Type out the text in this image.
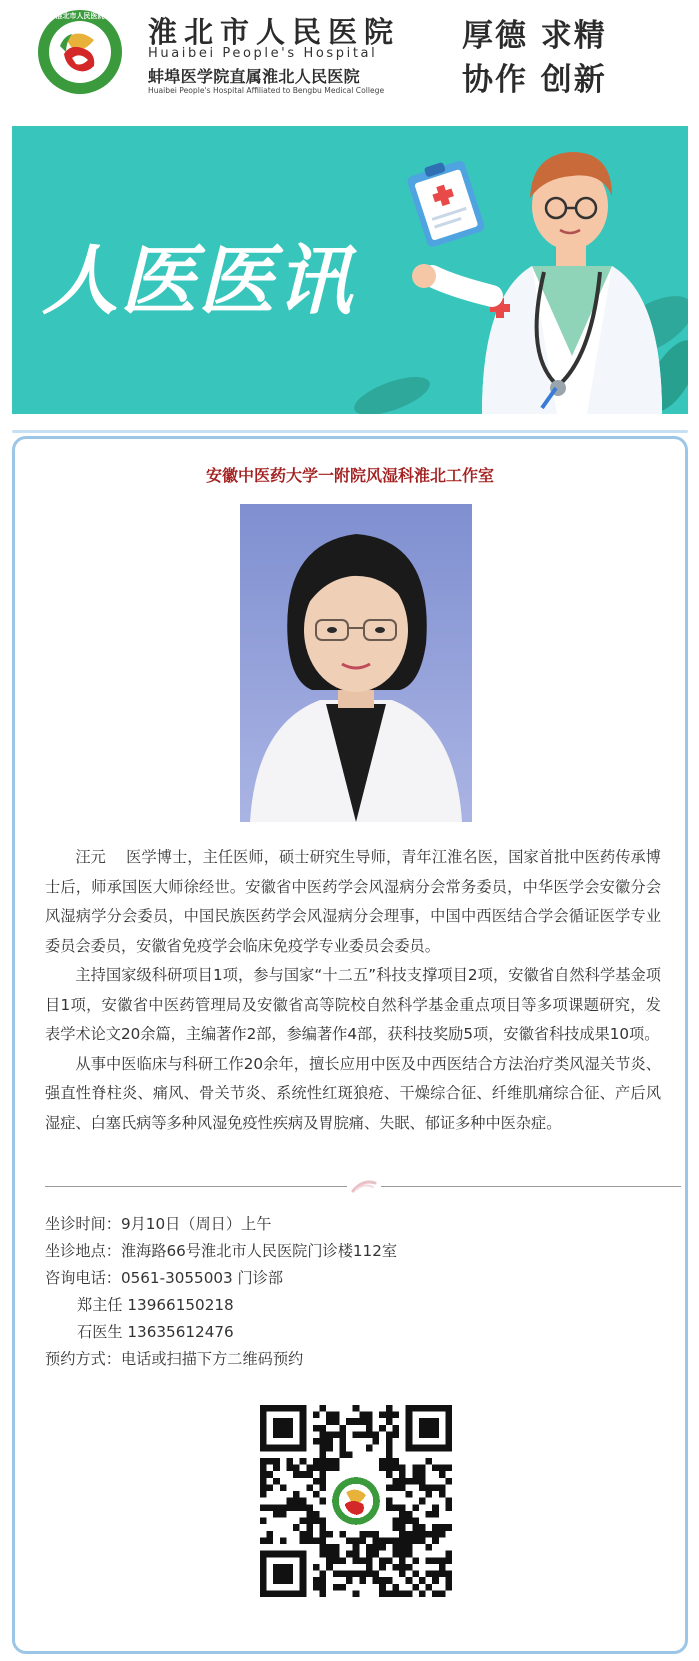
淮北市人民医院 淮北市人民医院
Huaibei People's Hospital
蚌埠医学院直属淮北人民医院
Huaibei People's Hospital Affiliated to Bengbu Medical College
厚德 求精
协作 创新
人医医讯
安徽中医药大学一附院风湿科淮北工作室

汪元　 医学博士，主任医师，硕士研究生导师，青年江淮名医，国家首批中医药传承博士后，师承国医大师徐经世。安徽省中医药学会风湿病分会常务委员，中华医学会安徽分会风湿病学分会委员，中国民族医药学会风湿病分会理事，中国中西医结合学会循证医学专业委员会委员，安徽省免疫学会临床免疫学专业委员会委员。

主持国家级科研项目1项，参与国家“十二五”科技支撑项目2项，安徽省自然科学基金项目1项，安徽省中医药管理局及安徽省高等院校自然科学基金重点项目等多项课题研究，发表学术论文20余篇，主编著作2部，参编著作4部，获科技奖励5项，安徽省科技成果10项。

从事中医临床与科研工作20余年，擅长应用中医及中西医结合方法治疗类风湿关节炎、强直性脊柱炎、痛风、骨关节炎、系统性红斑狼疮、干燥综合征、纤维肌痛综合征、产后风湿症、白塞氏病等多种风湿免疫性疾病及胃脘痛、失眠、郁证多种中医杂症。

坐诊时间：9月10日（周日）上午
坐诊地点：淮海路66号淮北市人民医院门诊楼112室
咨询电话：0561-3055003 门诊部
郑主任 13966150218
石医生 13635612476
预约方式：电话或扫描下方二维码预约
